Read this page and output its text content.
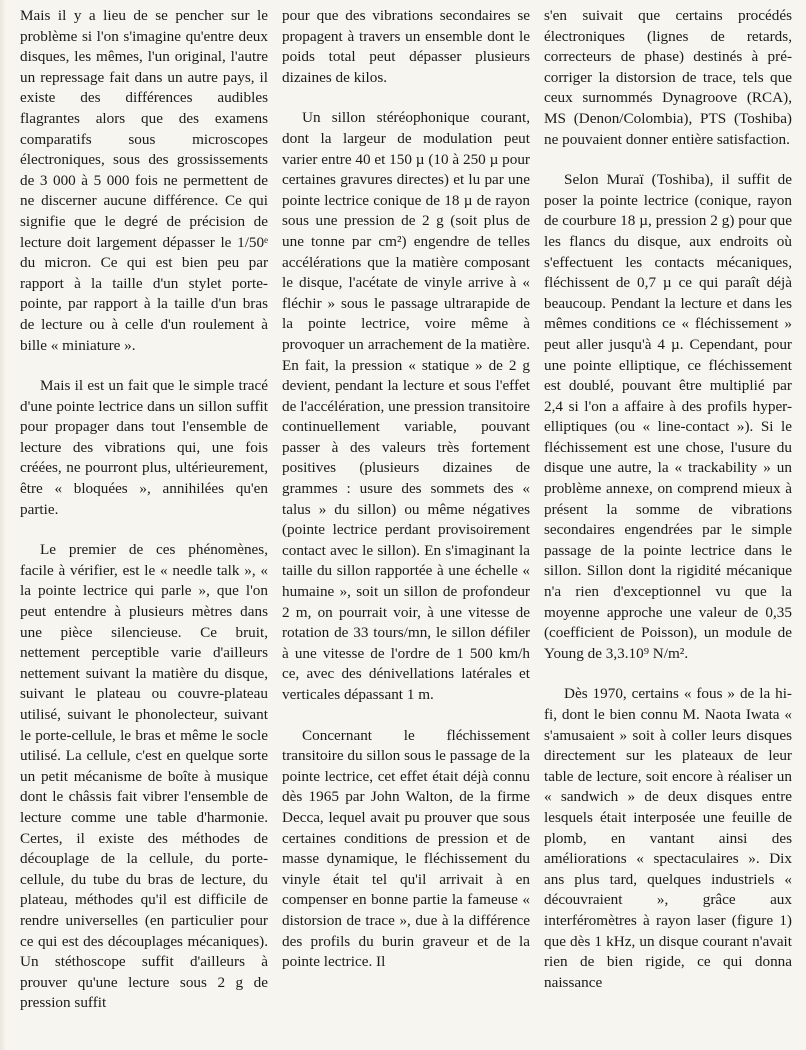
Mais il y a lieu de se pencher sur le problème si l'on s'imagine qu'entre deux disques, les mêmes, l'un original, l'autre un repressage fait dans un autre pays, il existe des différences audibles flagrantes alors que des examens comparatifs sous microscopes électroniques, sous des grossissements de 3 000 à 5 000 fois ne permettent de ne discerner aucune différence. Ce qui signifie que le degré de précision de lecture doit largement dépasser le 1/50ᵉ du micron. Ce qui est bien peu par rapport à la taille d'un stylet porte-pointe, par rapport à la taille d'un bras de lecture ou à celle d'un roulement à bille « miniature ».

Mais il est un fait que le simple tracé d'une pointe lectrice dans un sillon suffit pour propager dans tout l'ensemble de lecture des vibrations qui, une fois créées, ne pourront plus, ultérieurement, être « bloquées », annihilées qu'en partie.

Le premier de ces phénomènes, facile à vérifier, est le « needle talk », « la pointe lectrice qui parle », que l'on peut entendre à plusieurs mètres dans une pièce silencieuse. Ce bruit, nettement perceptible varie d'ailleurs nettement suivant la matière du disque, suivant le plateau ou couvre-plateau utilisé, suivant le phonolecteur, suivant le porte-cellule, le bras et même le socle utilisé. La cellule, c'est en quelque sorte un petit mécanisme de boîte à musique dont le châssis fait vibrer l'ensemble de lecture comme une table d'harmonie. Certes, il existe des méthodes de découplage de la cellule, du porte-cellule, du tube du bras de lecture, du plateau, méthodes qu'il est difficile de rendre universelles (en particulier pour ce qui est des découplages mécaniques). Un stéthoscope suffit d'ailleurs à prouver qu'une lecture sous 2 g de pression suffit

pour que des vibrations secondaires se propagent à travers un ensemble dont le poids total peut dépasser plusieurs dizaines de kilos.

Un sillon stéréophonique courant, dont la largeur de modulation peut varier entre 40 et 150 µ (10 à 250 µ pour certaines gravures directes) et lu par une pointe lectrice conique de 18 µ de rayon sous une pression de 2 g (soit plus de une tonne par cm²) engendre de telles accélérations que la matière composant le disque, l'acétate de vinyle arrive à « fléchir » sous le passage ultrarapide de la pointe lectrice, voire même à provoquer un arrachement de la matière. En fait, la pression « statique » de 2 g devient, pendant la lecture et sous l'effet de l'accélération, une pression transitoire continuellement variable, pouvant passer à des valeurs très fortement positives (plusieurs dizaines de grammes : usure des sommets des « talus » du sillon) ou même négatives (pointe lectrice perdant provisoirement contact avec le sillon). En s'imaginant la taille du sillon rapportée à une échelle « humaine », soit un sillon de profondeur 2 m, on pourrait voir, à une vitesse de rotation de 33 tours/mn, le sillon défiler à une vitesse de l'ordre de 1 500 km/h ce, avec des dénivellations latérales et verticales dépassant 1 m.

Concernant le fléchissement transitoire du sillon sous le passage de la pointe lectrice, cet effet était déjà connu dès 1965 par John Walton, de la firme Decca, lequel avait pu prouver que sous certaines conditions de pression et de masse dynamique, le fléchissement du vinyle était tel qu'il arrivait à en compenser en bonne partie la fameuse « distorsion de trace », due à la différence des profils du burin graveur et de la pointe lectrice. Il

s'en suivait que certains procédés électroniques (lignes de retards, correcteurs de phase) destinés à pré-corriger la distorsion de trace, tels que ceux surnommés Dynagroove (RCA), MS (Denon/Colombia), PTS (Toshiba) ne pouvaient donner entière satisfaction.

Selon Muraï (Toshiba), il suffit de poser la pointe lectrice (conique, rayon de courbure 18 µ, pression 2 g) pour que les flancs du disque, aux endroits où s'effectuent les contacts mécaniques, fléchissent de 0,7 µ ce qui paraît déjà beaucoup. Pendant la lecture et dans les mêmes conditions ce « fléchissement » peut aller jusqu'à 4 µ. Cependant, pour une pointe elliptique, ce fléchissement est doublé, pouvant être multiplié par 2,4 si l'on a affaire à des profils hyper-elliptiques (ou « line-contact »). Si le fléchissement est une chose, l'usure du disque une autre, la « trackability » un problème annexe, on comprend mieux à présent la somme de vibrations secondaires engendrées par le simple passage de la pointe lectrice dans le sillon. Sillon dont la rigidité mécanique n'a rien d'exceptionnel vu que la moyenne approche une valeur de 0,35 (coefficient de Poisson), un module de Young de 3,3.10⁹ N/m².

Dès 1970, certains « fous » de la hi-fi, dont le bien connu M. Naota Iwata « s'amusaient » soit à coller leurs disques directement sur les plateaux de leur table de lecture, soit encore à réaliser un « sandwich » de deux disques entre lesquels était interposée une feuille de plomb, en vantant ainsi des améliorations « spectaculaires ». Dix ans plus tard, quelques industriels « découvraient », grâce aux interféromètres à rayon laser (figure 1) que dès 1 kHz, un disque courant n'avait rien de bien rigide, ce qui donna naissance
